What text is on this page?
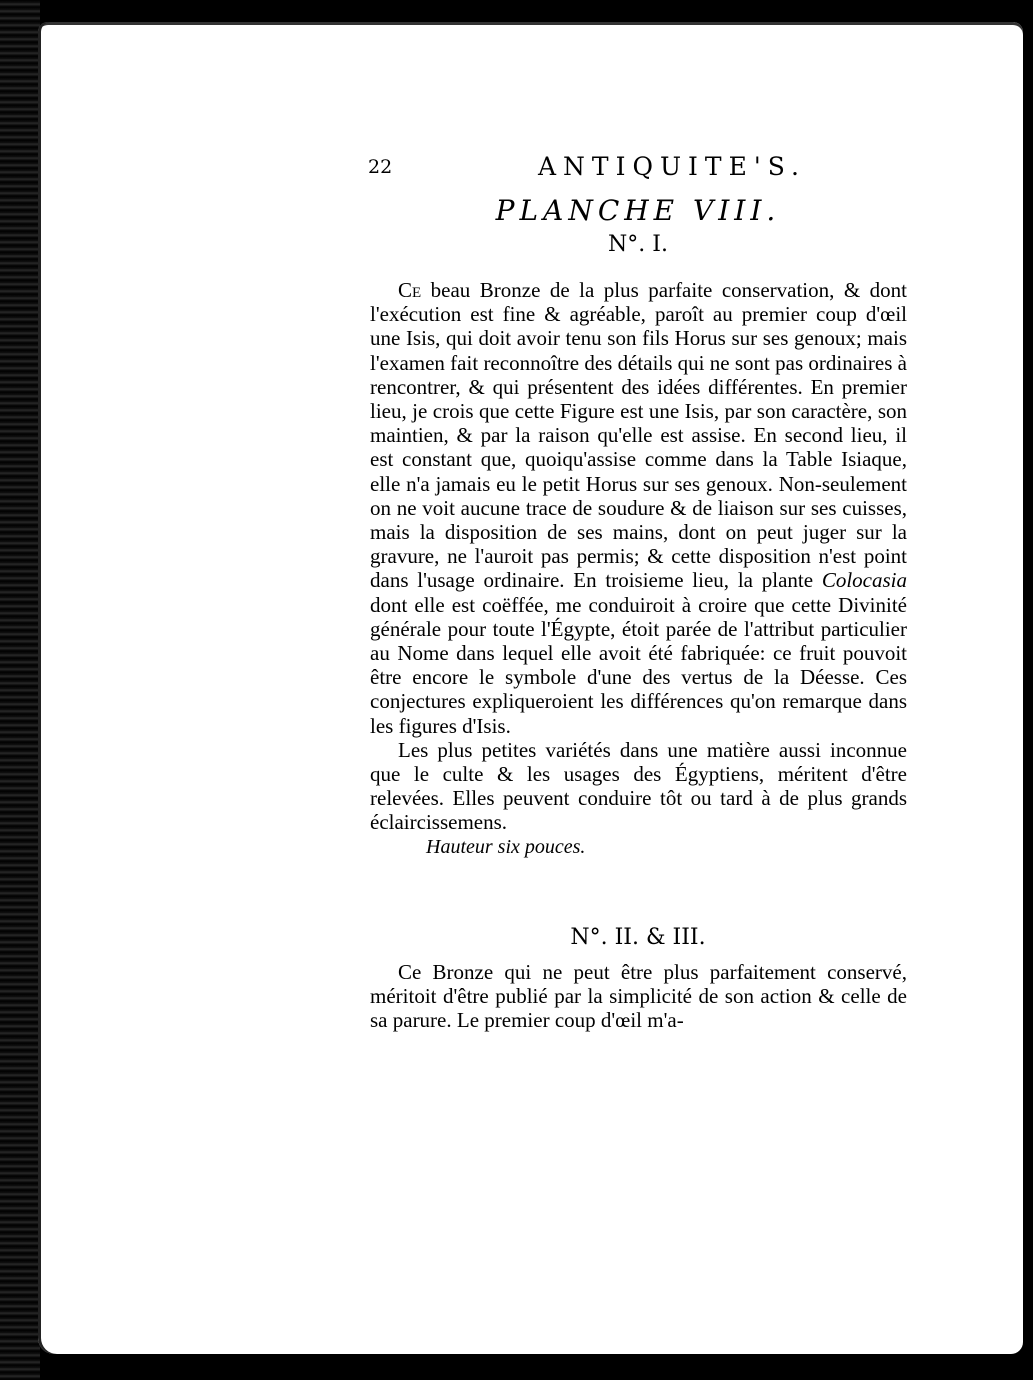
22	ANTIQUITE'S.
PLANCHE VIII.
N°. I.

Ce beau Bronze de la plus parfaite conservation, & dont l'exécution est fine & agréable, paroît au premier coup d'œil une Isis, qui doit avoir tenu son fils Horus sur ses genoux; mais l'examen fait reconnoître des détails qui ne sont pas ordinaires à rencontrer, & qui présentent des idées différentes. En premier lieu, je crois que cette Figure est une Isis, par son caractère, son maintien, & par la raison qu'elle est assise. En second lieu, il est constant que, quoiqu'assise comme dans la Table Isiaque, elle n'a jamais eu le petit Horus sur ses genoux. Non-seulement on ne voit aucune trace de soudure & de liaison sur ses cuisses, mais la disposition de ses mains, dont on peut juger sur la gravure, ne l'auroit pas permis; & cette disposition n'est point dans l'usage ordinaire. En troisieme lieu, la plante Colocasia dont elle est coëffée, me conduiroit à croire que cette Divinité générale pour toute l'Égypte, étoit parée de l'attribut particulier au Nome dans lequel elle avoit été fabriquée: ce fruit pouvoit être encore le symbole d'une des vertus de la Déesse. Ces conjectures expliqueroient les différences qu'on remarque dans les figures d'Isis.

Les plus petites variétés dans une matière aussi inconnue que le culte & les usages des Égyptiens, méritent d'être relevées. Elles peuvent conduire tôt ou tard à de plus grands éclaircissemens.

Hauteur six pouces.

N°. II. & III.

Ce Bronze qui ne peut être plus parfaitement conservé, méritoit d'être publié par la simplicité de son action & celle de sa parure. Le premier coup d'œil m'a-
